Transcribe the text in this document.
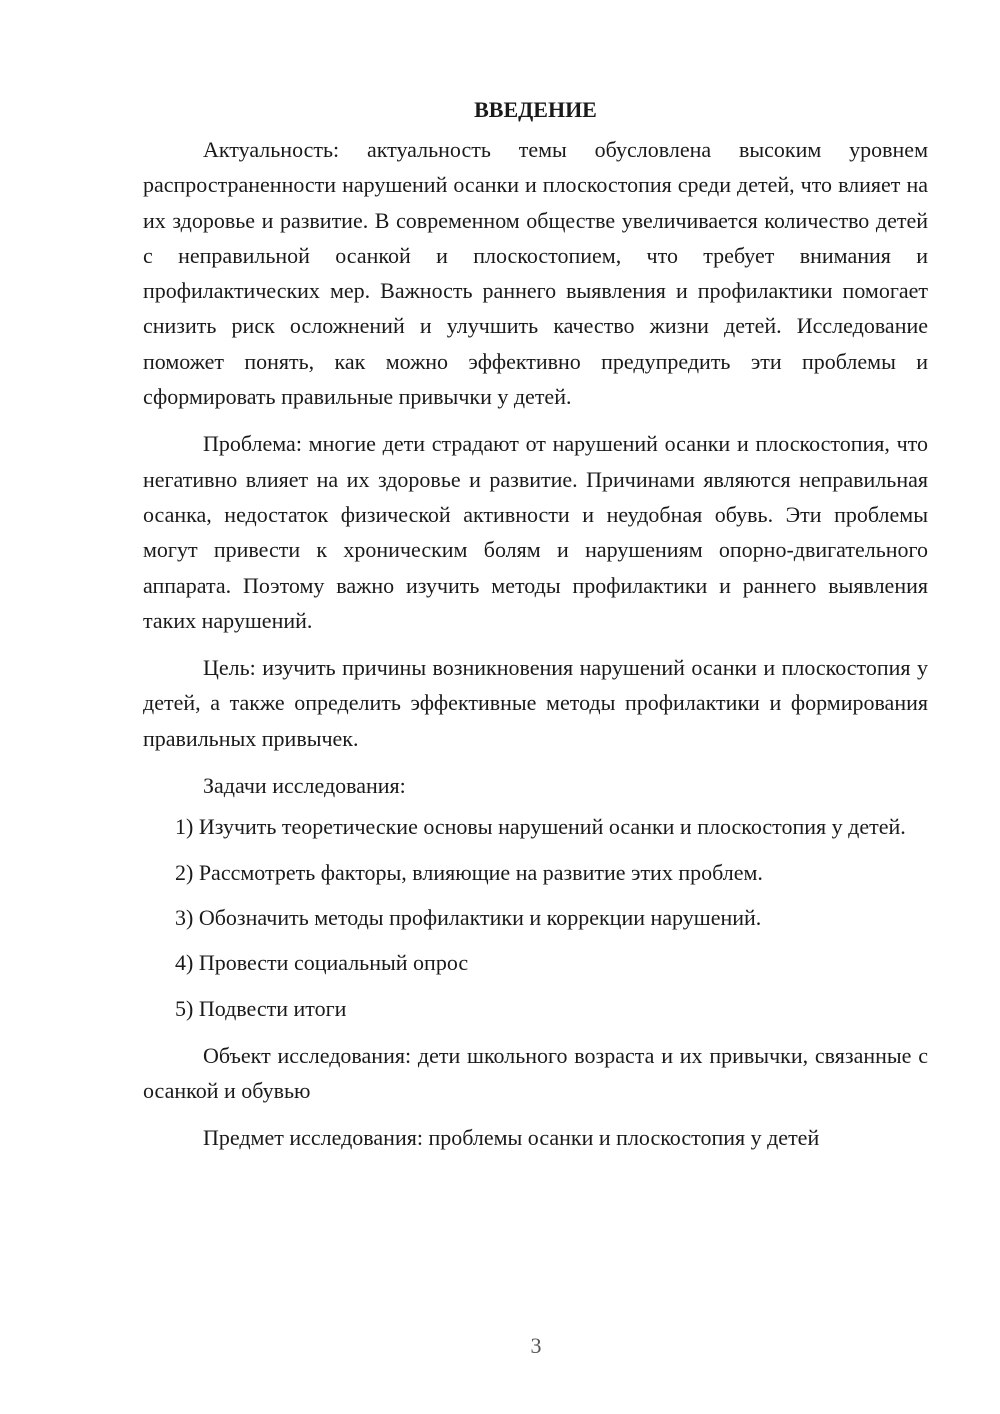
ВВЕДЕНИЕ

Актуальность: актуальность темы обусловлена высоким уровнем распространенности нарушений осанки и плоскостопия среди детей, что влияет на их здоровье и развитие. В современном обществе увеличивается количество детей с неправильной осанкой и плоскостопием, что требует внимания и профилактических мер. Важность раннего выявления и профилактики помогает снизить риск осложнений и улучшить качество жизни детей. Исследование поможет понять, как можно эффективно предупредить эти проблемы и сформировать правильные привычки у детей.

Проблема: многие дети страдают от нарушений осанки и плоскостопия, что негативно влияет на их здоровье и развитие. Причинами являются неправильная осанка, недостаток физической активности и неудобная обувь. Эти проблемы могут привести к хроническим болям и нарушениям опорно-двигательного аппарата. Поэтому важно изучить методы профилактики и раннего выявления таких нарушений.

Цель: изучить причины возникновения нарушений осанки и плоскостопия у детей, а также определить эффективные методы профилактики и формирования правильных привычек.

Задачи исследования:

1) Изучить теоретические основы нарушений осанки и плоскостопия у детей.

2) Рассмотреть факторы, влияющие на развитие этих проблем.

3) Обозначить методы профилактики и коррекции нарушений.

4) Провести социальный опрос

5) Подвести итоги

Объект исследования: дети школьного возраста и их привычки, связанные с осанкой и обувью

Предмет исследования: проблемы осанки и плоскостопия у детей

3
